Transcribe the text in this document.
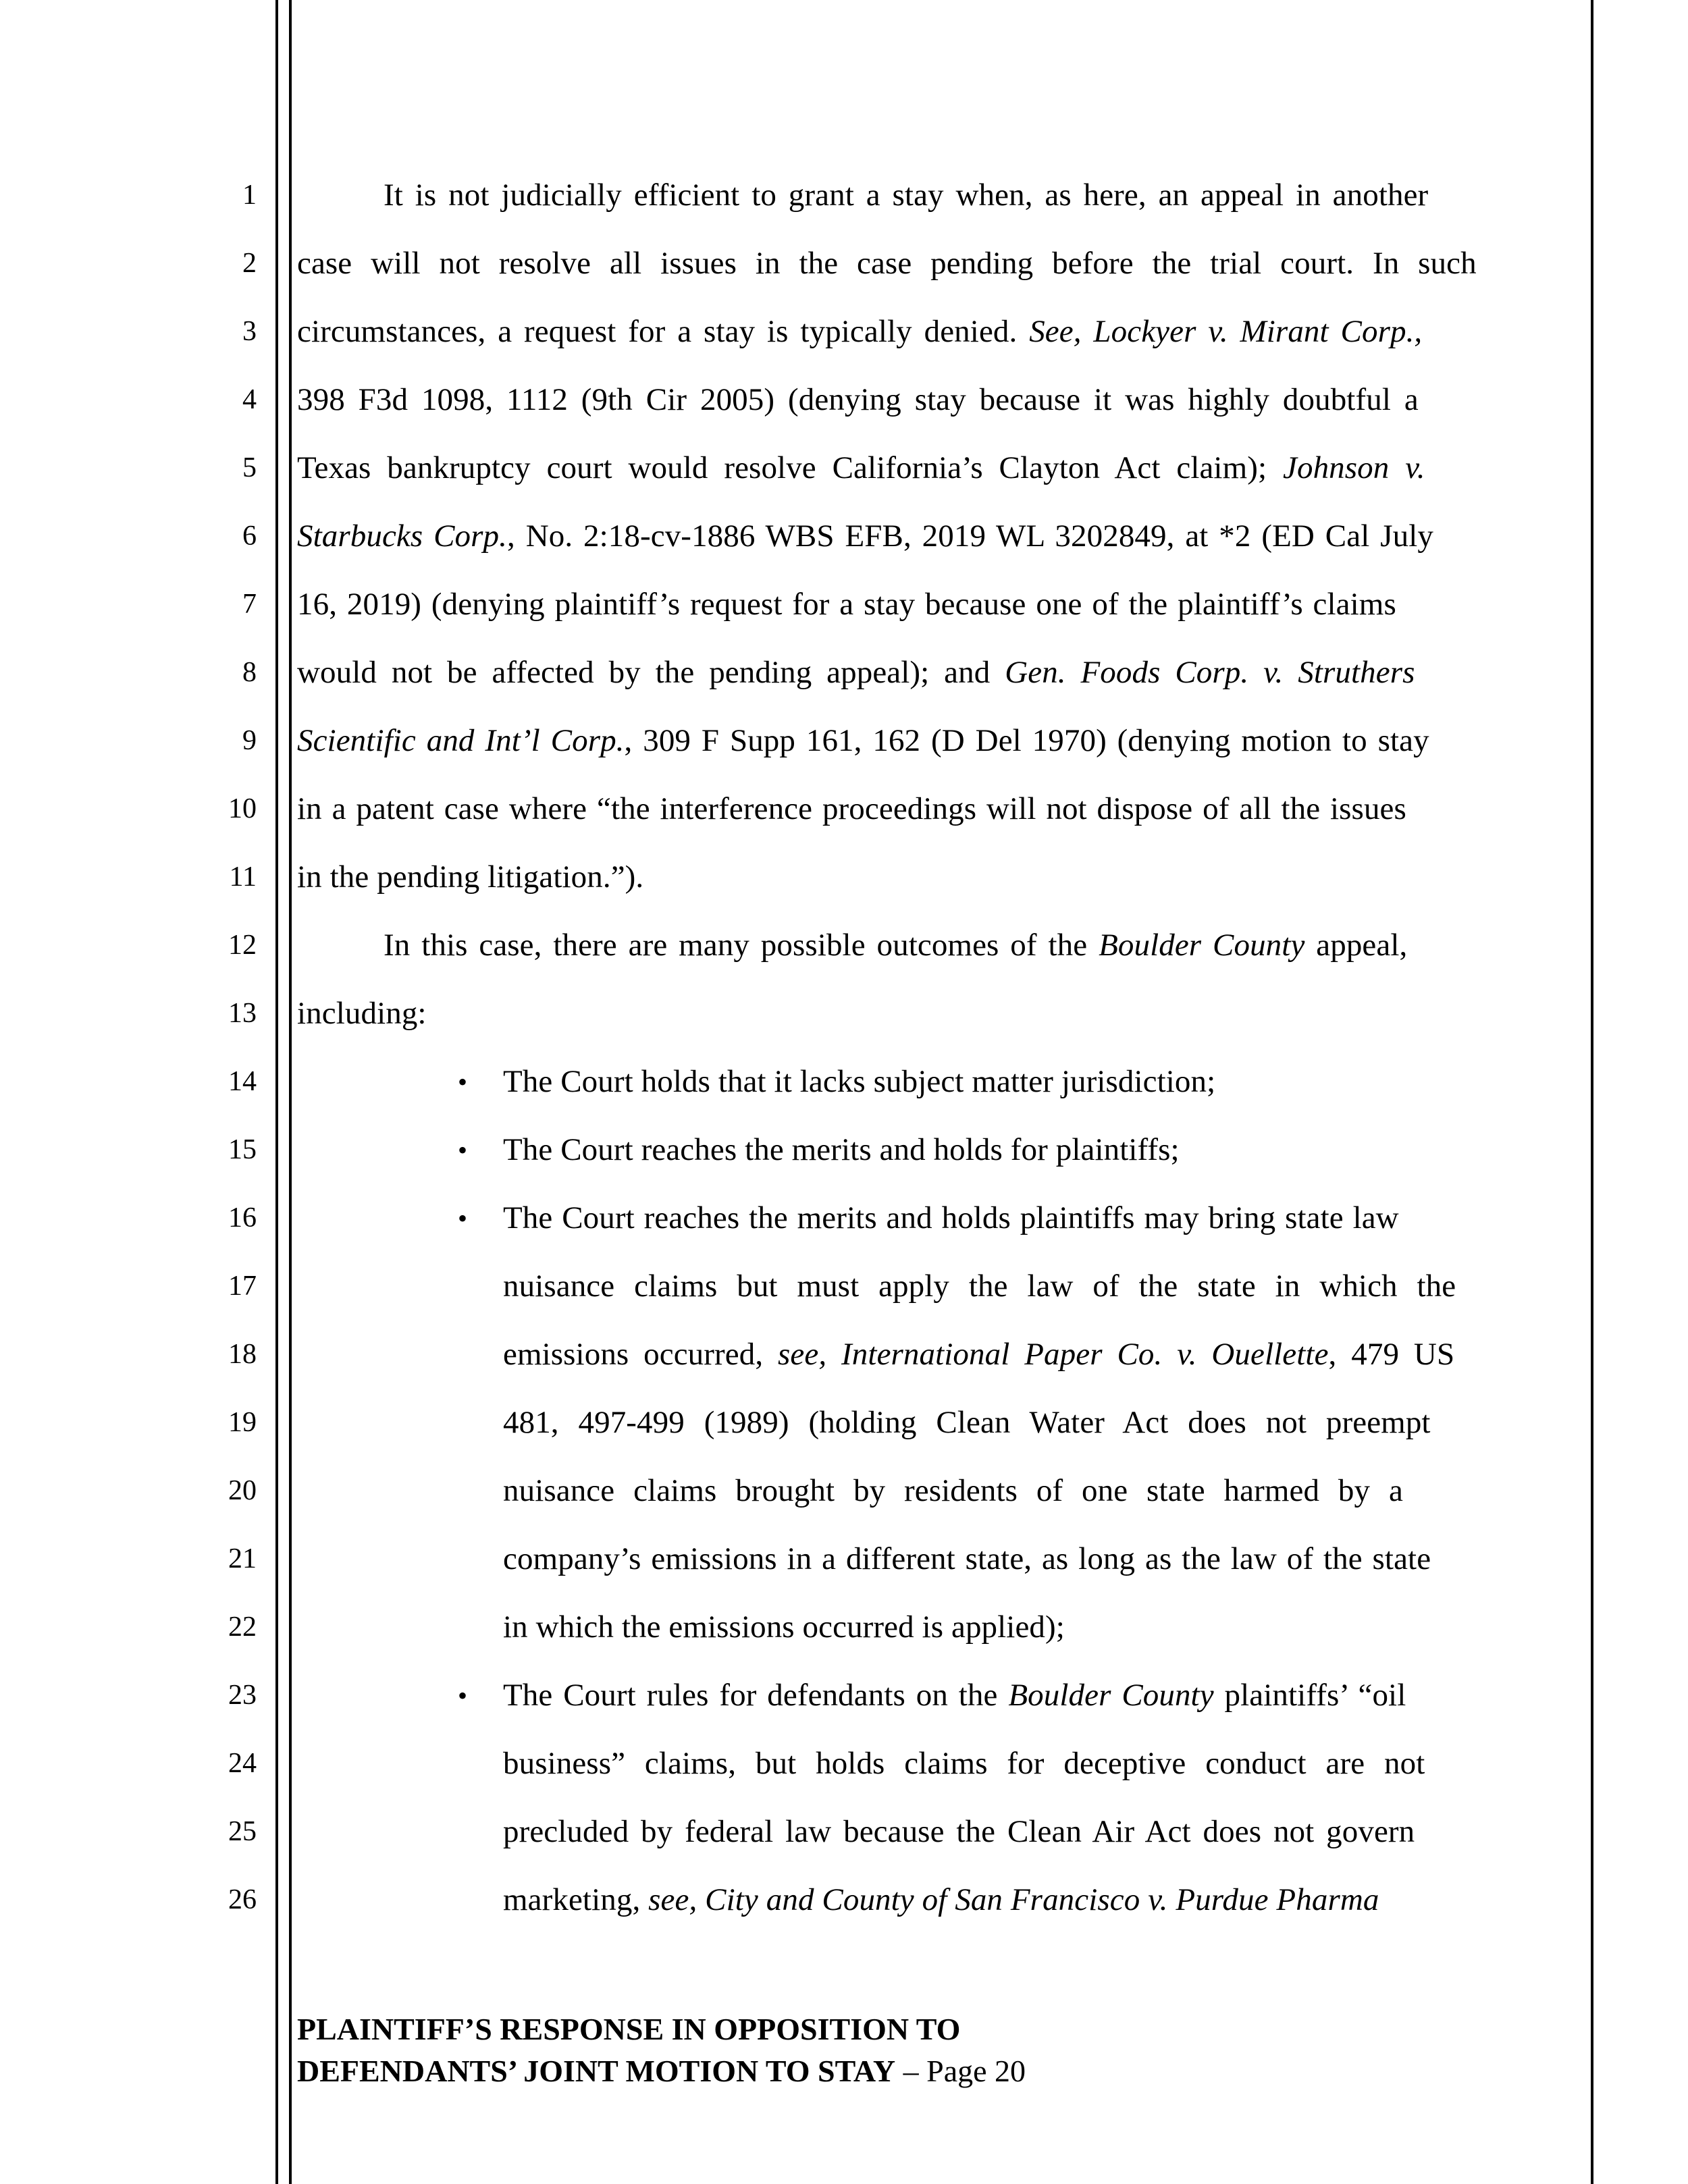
1
2
3
4
5
6
7
8
9
10
11
12
13
14
15
16
17
18
19
20
21
22
23
24
25
26
It is not judicially efficient to grant a stay when, as here, an appeal in another
case will not resolve all issues in the case pending before the trial court. In such
circumstances, a request for a stay is typically denied. See, Lockyer v. Mirant Corp.,
398 F3d 1098, 1112 (9th Cir 2005) (denying stay because it was highly doubtful a
Texas bankruptcy court would resolve California’s Clayton Act claim); Johnson v.
Starbucks Corp., No. 2:18-cv-1886 WBS EFB, 2019 WL 3202849, at *2 (ED Cal July
16, 2019) (denying plaintiff’s request for a stay because one of the plaintiff’s claims
would not be affected by the pending appeal); and Gen. Foods Corp. v. Struthers
Scientific and Int’l Corp., 309 F Supp 161, 162 (D Del 1970) (denying motion to stay
in a patent case where “the interference proceedings will not dispose of all the issues
in the pending litigation.”).
In this case, there are many possible outcomes of the Boulder County appeal,
including:
• The Court holds that it lacks subject matter jurisdiction;
• The Court reaches the merits and holds for plaintiffs;
• The Court reaches the merits and holds plaintiffs may bring state law
nuisance claims but must apply the law of the state in which the
emissions occurred, see, International Paper Co. v. Ouellette, 479 US
481, 497-499 (1989) (holding Clean Water Act does not preempt
nuisance claims brought by residents of one state harmed by a
company’s emissions in a different state, as long as the law of the state
in which the emissions occurred is applied);
• The Court rules for defendants on the Boulder County plaintiffs’ “oil
business” claims, but holds claims for deceptive conduct are not
precluded by federal law because the Clean Air Act does not govern
marketing, see, City and County of San Francisco v. Purdue Pharma
PLAINTIFF’S RESPONSE IN OPPOSITION TO
DEFENDANTS’ JOINT MOTION TO STAY – Page 20
